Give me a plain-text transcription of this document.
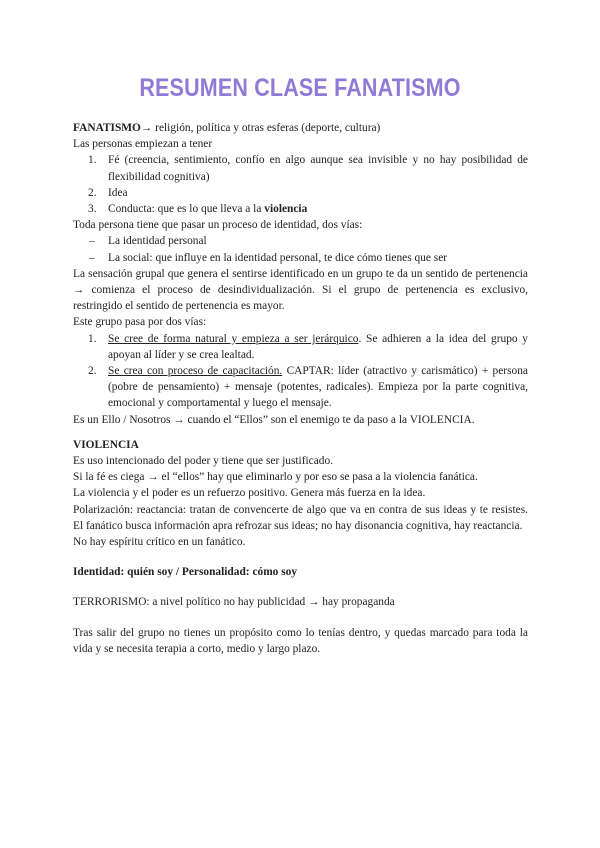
RESUMEN CLASE FANATISMO

FANATISMO→ religión, política y otras esferas (deporte, cultura)

Las personas empiezan a tener

1. Fé (creencia, sentimiento, confío en algo aunque sea invisible y no hay posibilidad de flexibilidad cognitiva)
2. Idea
3. Conducta: que es lo que lleva a la violencia

Toda persona tiene que pasar un proceso de identidad, dos vías:

– La identidad personal
– La social: que influye en la identidad personal, te dice cómo tienes que ser

La sensación grupal que genera el sentirse identificado en un grupo te da un sentido de pertenencia → comienza el proceso de desindividualización. Si el grupo de pertenencia es exclusivo, restringido el sentido de pertenencia es mayor.

Este grupo pasa por dos vías:

1. Se cree de forma natural y empieza a ser jerárquico. Se adhieren a la idea del grupo y apoyan al líder y se crea lealtad.
2. Se crea con proceso de capacitación. CAPTAR: líder (atractivo y carismático) + persona (pobre de pensamiento) + mensaje (potentes, radicales). Empieza por la parte cognitiva, emocional y comportamental y luego el mensaje.

Es un Ello / Nosotros → cuando el “Ellos” son el enemigo te da paso a la VIOLENCIA.

VIOLENCIA

Es uso intencionado del poder y tiene que ser justificado.

Si la fé es ciega → el “ellos” hay que eliminarlo y por eso se pasa a la violencia fanática.

La violencia y el poder es un refuerzo positivo. Genera más fuerza en la idea.

Polarización: reactancia: tratan de convencerte de algo que va en contra de sus ideas y te resistes. El fanático busca información apra refrozar sus ideas; no hay disonancia cognitiva, hay reactancia.

No hay espíritu crítico en un fanático.

Identidad: quién soy / Personalidad: cómo soy

TERRORISMO: a nivel político no hay publicidad → hay propaganda

Tras salir del grupo no tienes un propósito como lo tenías dentro, y quedas marcado para toda la vida y se necesita terapia a corto, medio y largo plazo.
